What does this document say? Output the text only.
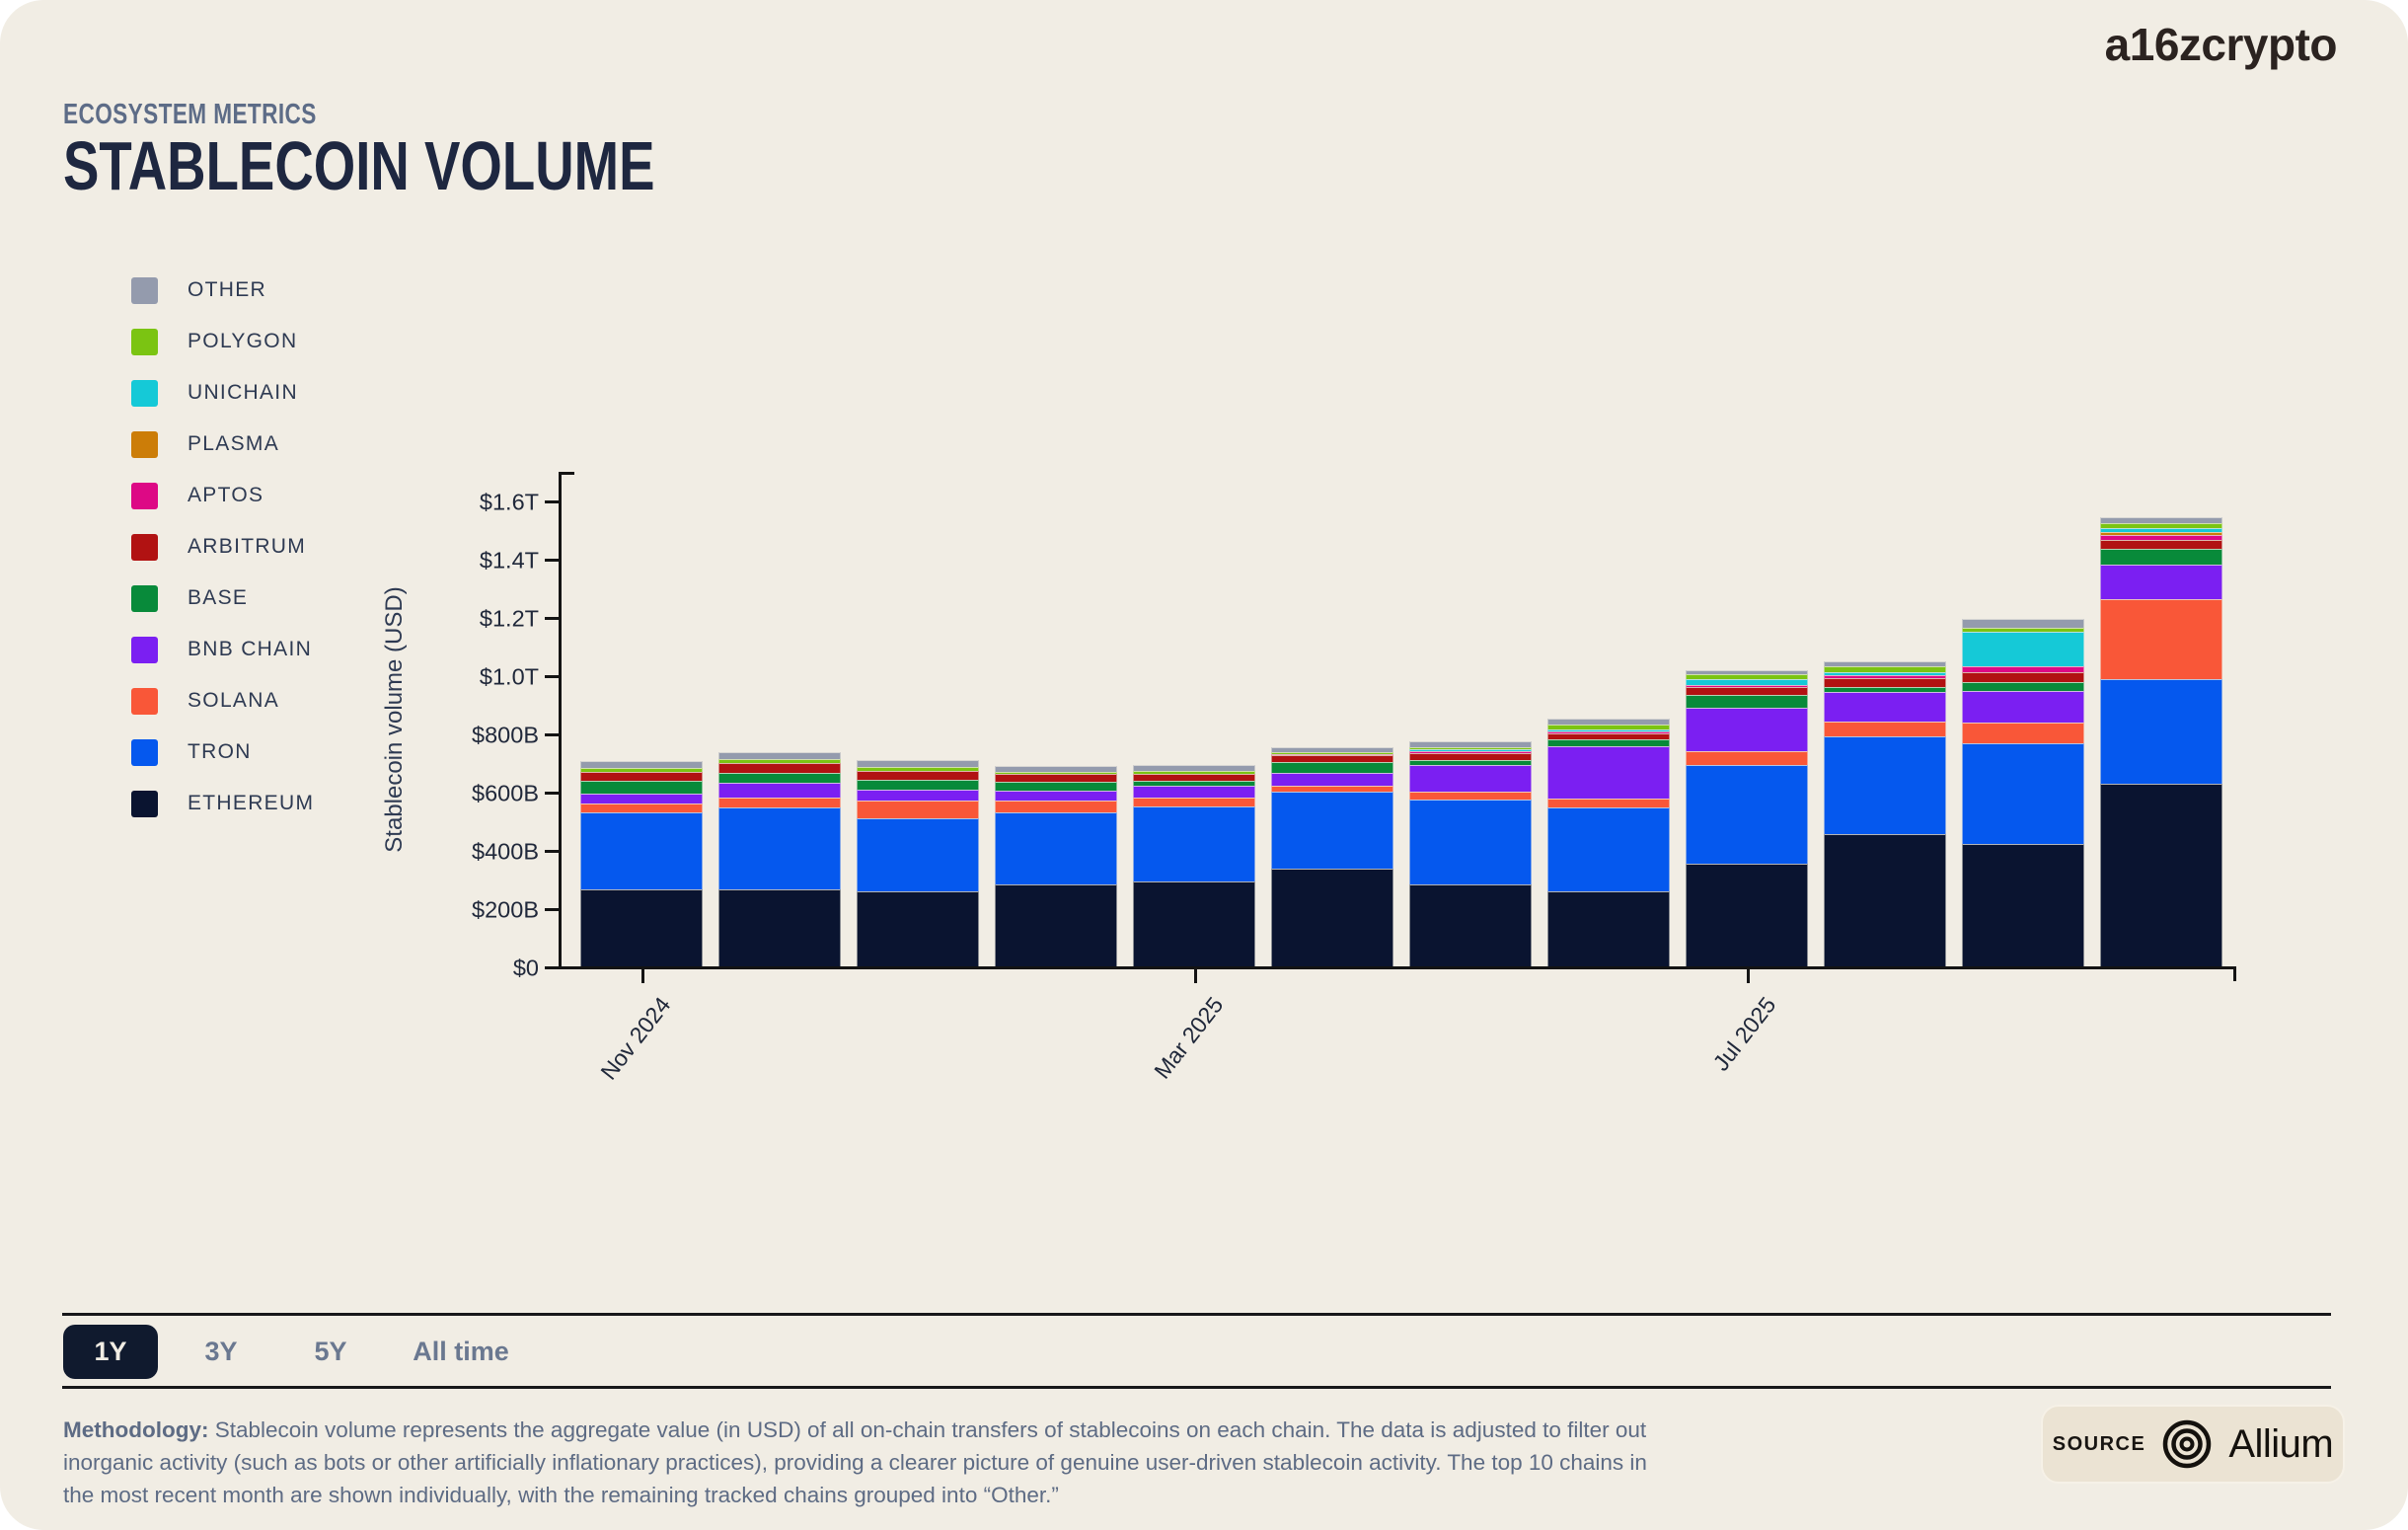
a16zcrypto
ECOSYSTEM METRICS
STABLECOIN VOLUME
OTHER
POLYGON
UNICHAIN
PLASMA
APTOS
ARBITRUM
BASE
BNB CHAIN
SOLANA
TRON
ETHEREUM	Stablecoin volume (USD)
$0
$200B
$400B
$600B
$800B
$1.0T
$1.2T
$1.4T
$1.6T
Nov 2024	Mar 2025	Jul 2025
1Y	3Y	5Y All time
Methodology: Stablecoin volume represents the aggregate value (in USD) of all on-chain transfers of stablecoins on each chain. The data is adjusted to filter out inorganic activity (such as bots or other artificially inflationary practices), providing a clearer picture of genuine user-driven stablecoin activity. The top 10 chains in the most recent month are shown individually, with the remaining tracked chains grouped into “Other.”
SOURCE Allium
